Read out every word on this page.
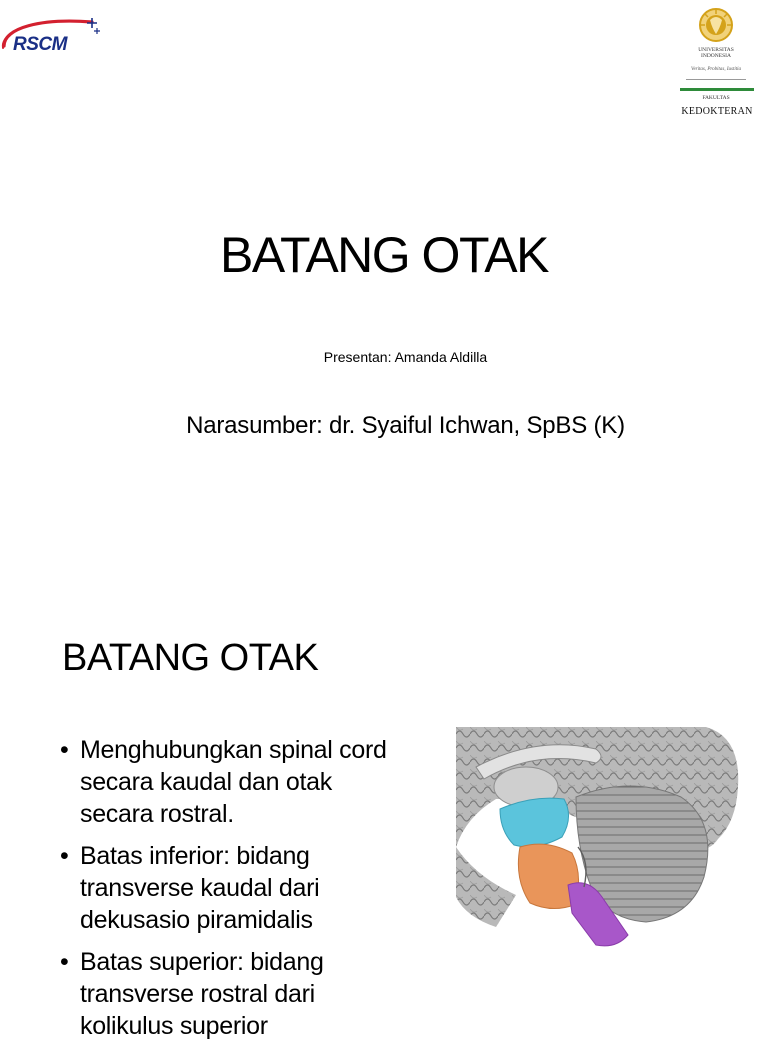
RSCM	UNIVERSITAS
INDONESIA
Veritas, Probitas, Iustitia
FAKULTAS
KEDOKTERAN
BATANG OTAK
Presentan: Amanda Aldilla
Narasumber: dr. Syaiful Ichwan, SpBS (K)
BATANG OTAK
• Menghubungkan spinal cord secara kaudal dan otak secara rostral.
• Batas inferior: bidang transverse kaudal dari dekusasio piramidalis
• Batas superior: bidang transverse rostral dari kolikulus superior
